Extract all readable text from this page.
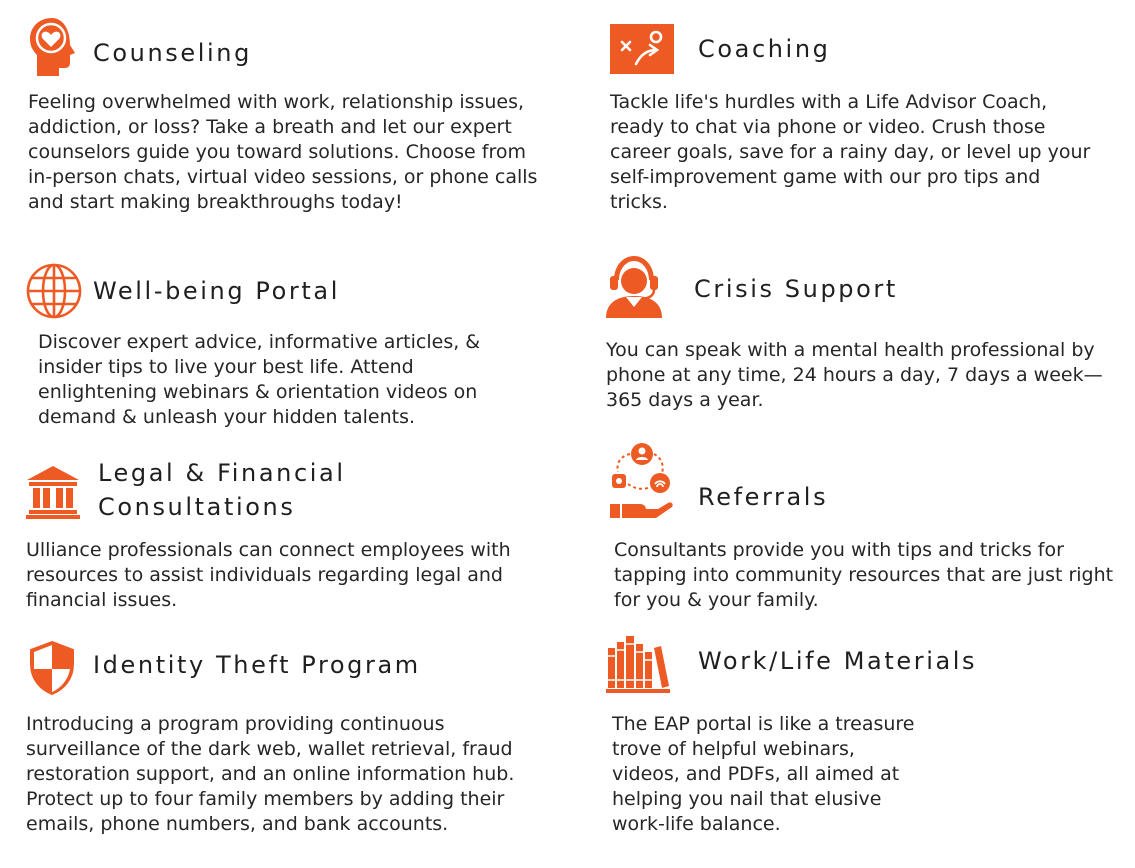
Counseling

Feeling overwhelmed with work, relationship issues, addiction, or loss? Take a breath and let our expert counselors guide you toward solutions. Choose from in-person chats, virtual video sessions, or phone calls and start making breakthroughs today!

Well-being Portal

Discover expert advice, informative articles, & insider tips to live your best life. Attend enlightening webinars & orientation videos on demand & unleash your hidden talents.

Legal & Financial
Consultations

Ulliance professionals can connect employees with resources to assist individuals regarding legal and financial issues.

Identity Theft Program

Introducing a program providing continuous surveillance of the dark web, wallet retrieval, fraud restoration support, and an online information hub. Protect up to four family members by adding their emails, phone numbers, and bank accounts.

Coaching

Tackle life's hurdles with a Life Advisor Coach, ready to chat via phone or video. Crush those career goals, save for a rainy day, or level up your self-improvement game with our pro tips and tricks.

Crisis Support

You can speak with a mental health professional by phone at any time, 24 hours a day, 7 days a week—365 days a year.

Referrals

Consultants provide you with tips and tricks for tapping into community resources that are just right for you & your family.

Work/Life Materials

The EAP portal is like a treasure trove of helpful webinars, videos, and PDFs, all aimed at helping you nail that elusive work-life balance.
